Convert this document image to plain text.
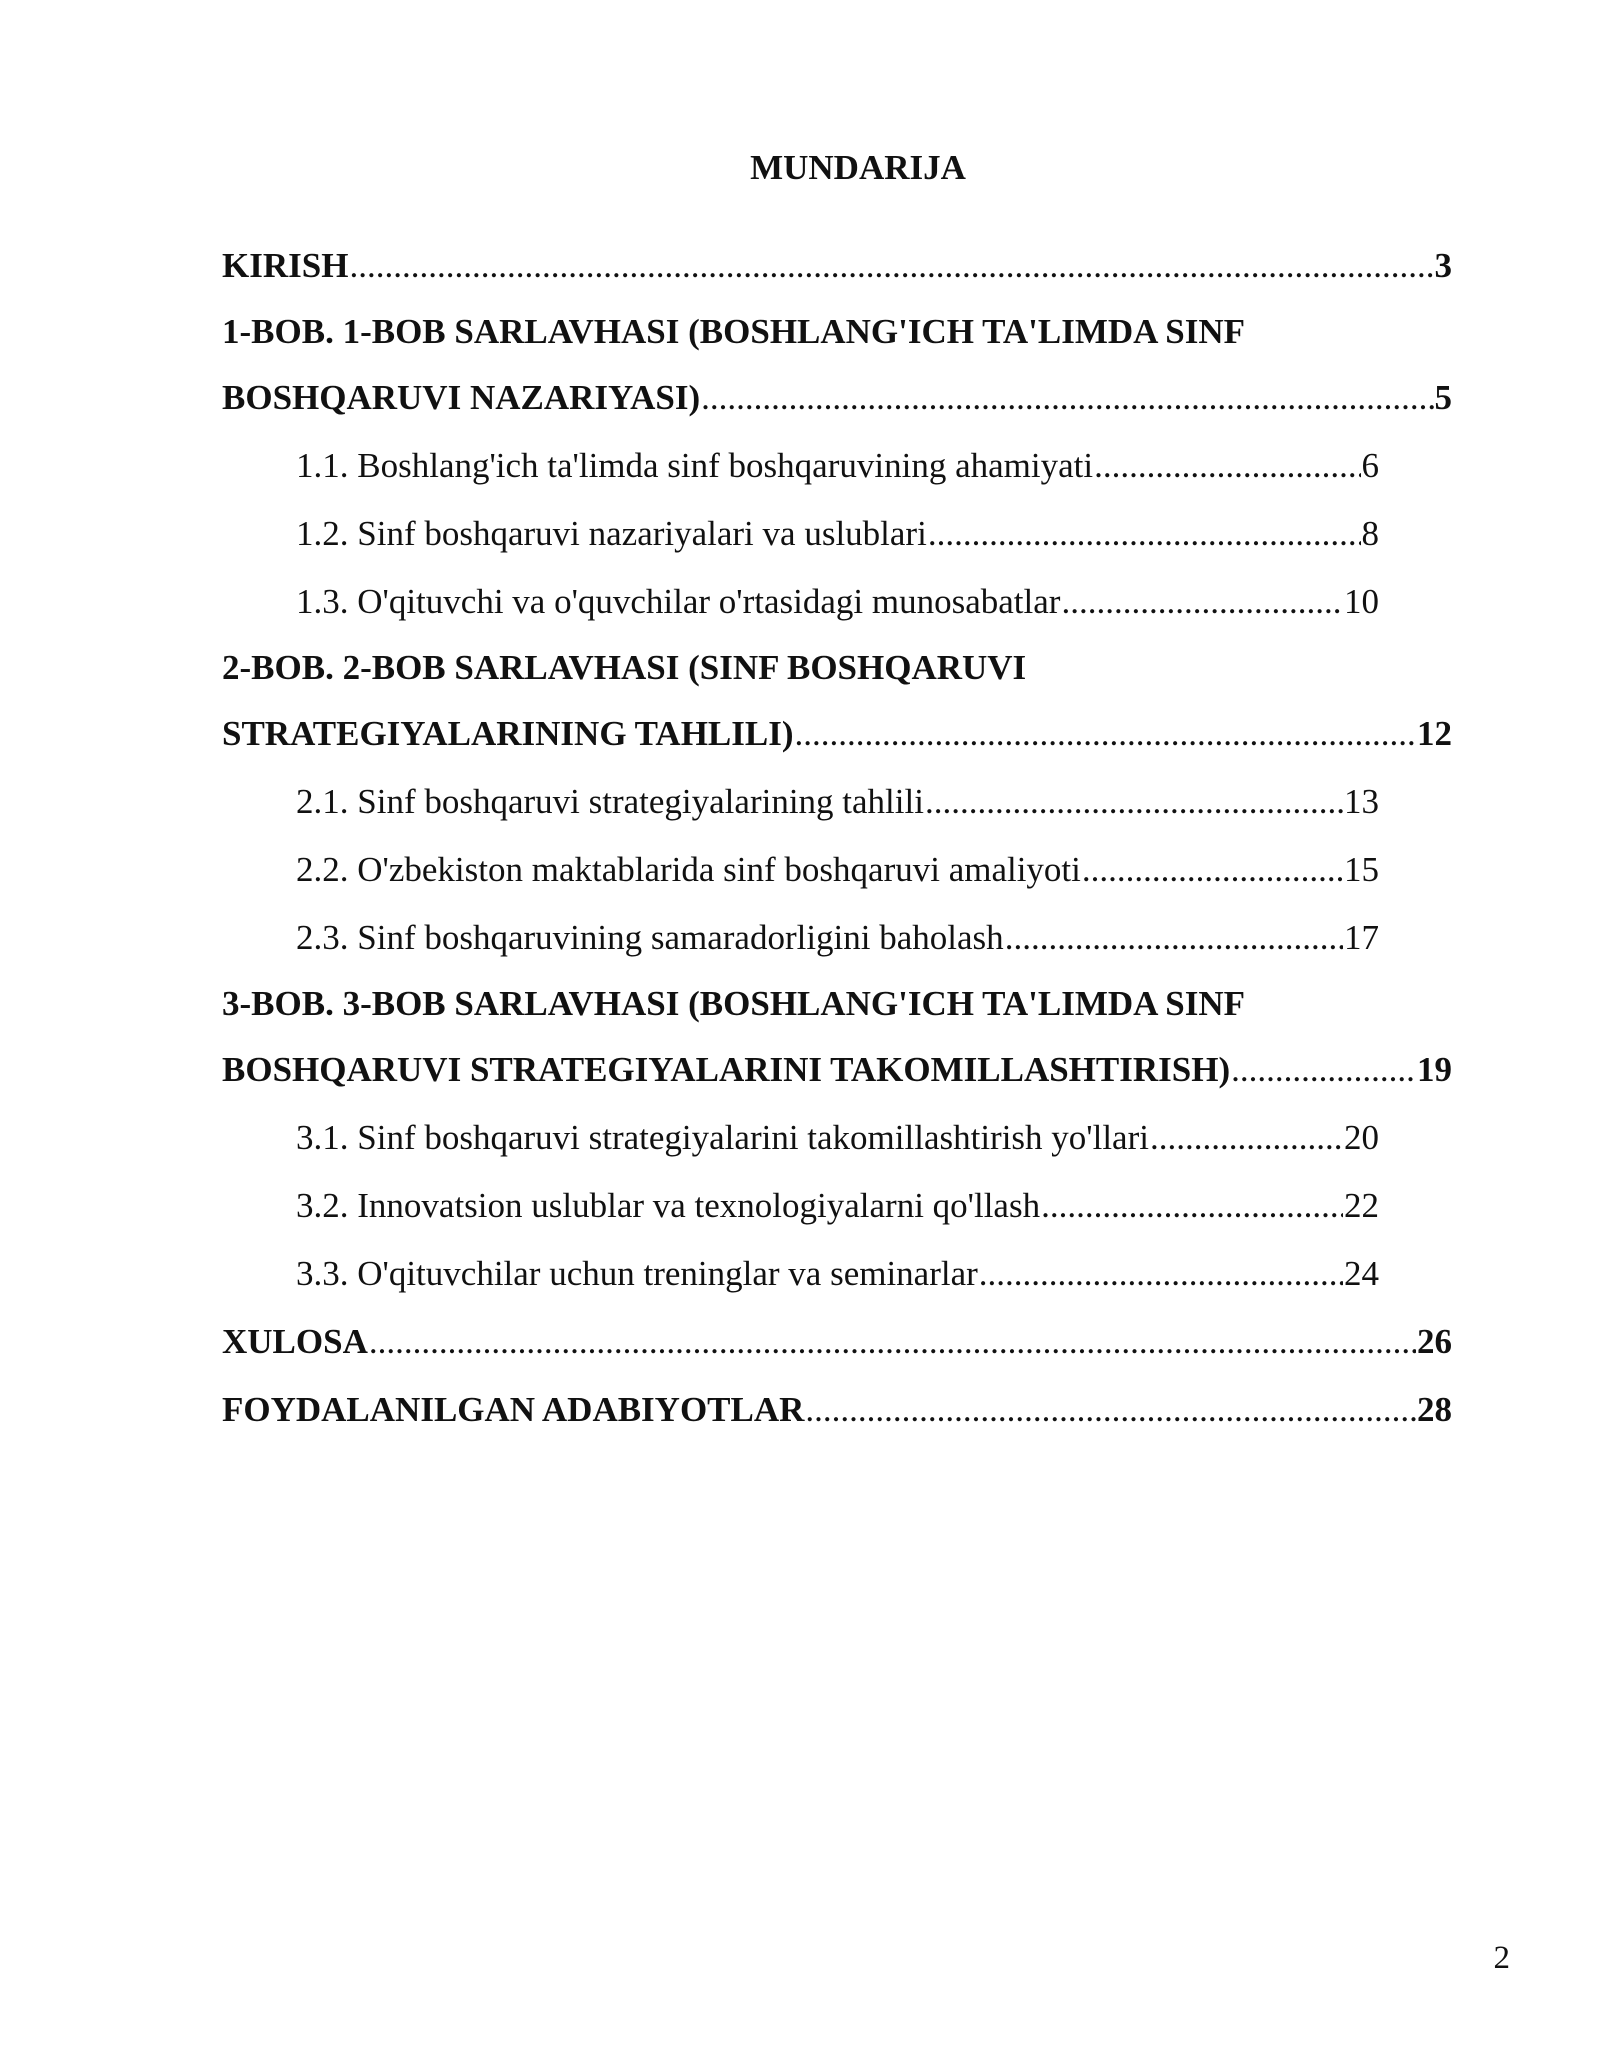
MUNDARIJA
KIRISH .....	3
1-BOB. 1-BOB SARLAVHASI (BOSHLANG'ICH TA'LIMDA SINF
BOSHQARUVI NAZARIYASI) .....	5
1.1. Boshlang'ich ta'limda sinf boshqaruvining ahamiyati .....	6
1.2. Sinf boshqaruvi nazariyalari va uslublari .....	8
1.3. O'qituvchi va o'quvchilar o'rtasidagi munosabatlar .....	10
2-BOB. 2-BOB SARLAVHASI (SINF BOSHQARUVI
STRATEGIYALARINING TAHLILI) .....	12
2.1. Sinf boshqaruvi strategiyalarining tahlili .....	13
2.2. O'zbekiston maktablarida sinf boshqaruvi amaliyoti .....	15
2.3. Sinf boshqaruvining samaradorligini baholash .....	17
3-BOB. 3-BOB SARLAVHASI (BOSHLANG'ICH TA'LIMDA SINF
BOSHQARUVI STRATEGIYALARINI TAKOMILLASHTIRISH) .....	19
3.1. Sinf boshqaruvi strategiyalarini takomillashtirish yo'llari .....	20
3.2. Innovatsion uslublar va texnologiyalarni qo'llash .....	22
3.3. O'qituvchilar uchun treninglar va seminarlar .....	24
XULOSA .....	26
FOYDALANILGAN ADABIYOTLAR .....	28
2
